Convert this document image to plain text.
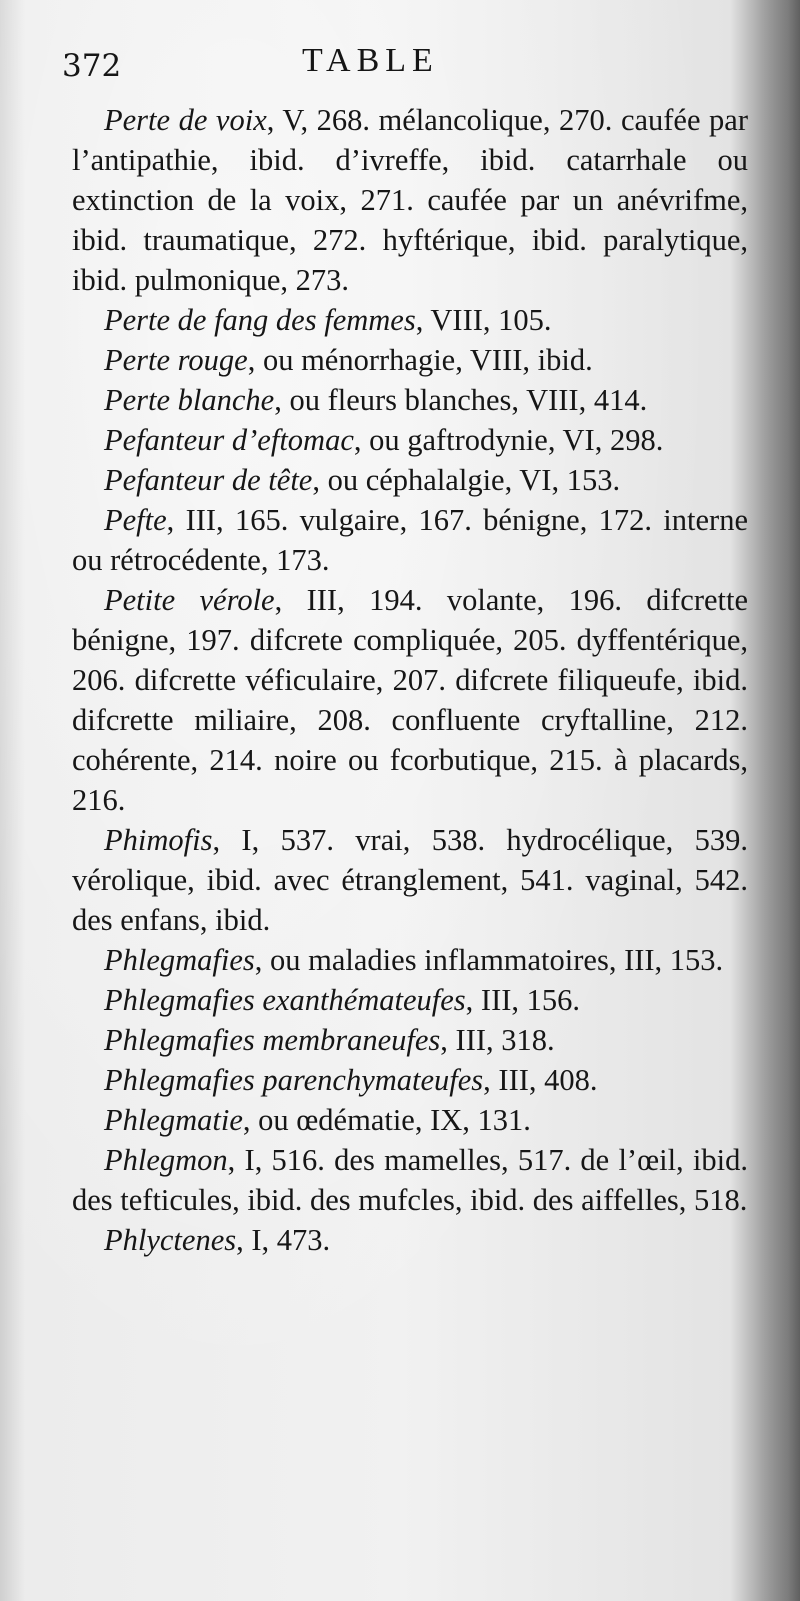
372	TABLE

Perte de voix, V, 268. mélancolique, 270. caufée par l’antipathie, ibid. d’ivreffe, ibid. catarrhale ou extinction de la voix, 271. caufée par un anévrifme, ibid. traumatique, 272. hyftérique, ibid. paralytique, ibid. pulmonique, 273.

Perte de fang des femmes, VIII, 105.

Perte rouge, ou ménorrhagie, VIII, ibid.

Perte blanche, ou fleurs blanches, VIII, 414.

Pefanteur d’eftomac, ou gaftrodynie, VI, 298.

Pefanteur de tête, ou céphalalgie, VI, 153.

Pefte, III, 165. vulgaire, 167. bénigne, 172. interne ou rétrocédente, 173.

Petite vérole, III, 194. volante, 196. difcrette bénigne, 197. difcrete compliquée, 205. dyffentérique, 206. difcrette véficulaire, 207. difcrete filiqueufe, ibid. difcrette miliaire, 208. confluente cryftalline, 212. cohérente, 214. noire ou fcorbutique, 215. à placards, 216.

Phimofis, I, 537. vrai, 538. hydrocélique, 539. vérolique, ibid. avec étranglement, 541. vaginal, 542. des enfans, ibid.

Phlegmafies, ou maladies inflammatoires, III, 153.

Phlegmafies exanthémateufes, III, 156.

Phlegmafies membraneufes, III, 318.

Phlegmafies parenchymateufes, III, 408.

Phlegmatie, ou œdématie, IX, 131.

Phlegmon, I, 516. des mamelles, 517. de l’œil, ibid. des tefticules, ibid. des mufcles, ibid. des aiffelles, 518.

Phlyctenes, I, 473.
